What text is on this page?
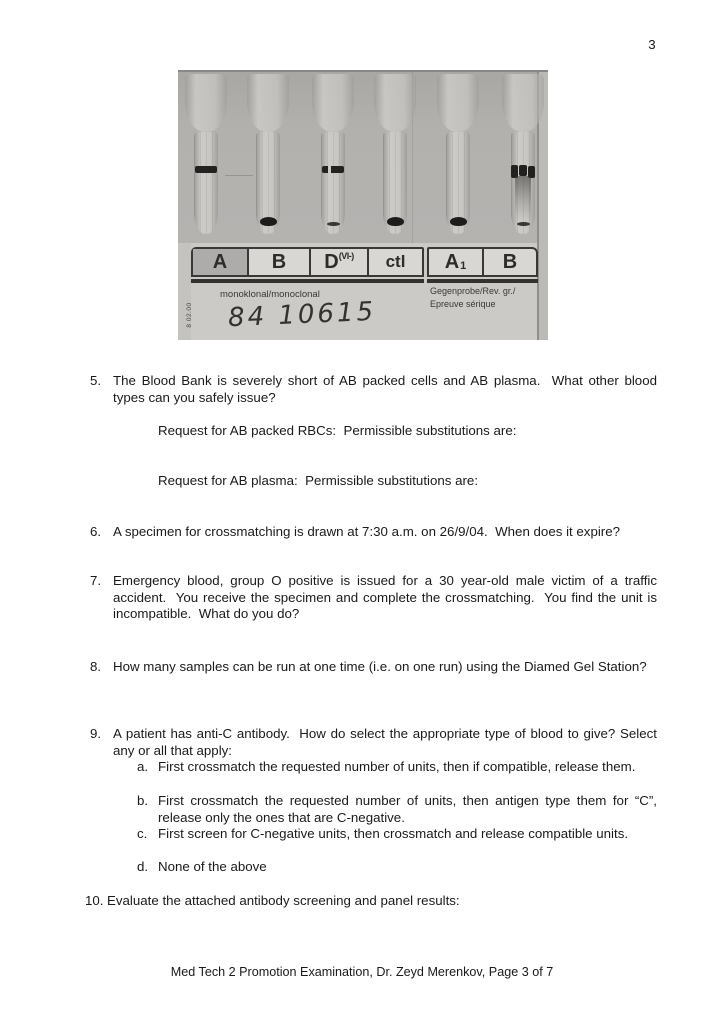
3
A B D (VI-) ctl A 1 B
monoklonal/monoclonal	Gegenprobe/Rev. gr./
Epreuve sérique
84 10615
8 02.00
5. The Blood Bank is severely short of AB packed cells and AB plasma.  What other blood types can you safely issue?
Request for AB packed RBCs:  Permissible substitutions are:
Request for AB plasma:  Permissible substitutions are:
6. A specimen for crossmatching is drawn at 7:30 a.m. on 26/9/04.  When does it expire?
7. Emergency blood, group O positive is issued for a 30 year-old male victim of a traffic accident.  You receive the specimen and complete the crossmatching.  You find the unit is incompatible.  What do you do?
8. How many samples can be run at one time (i.e. on one run) using the Diamed Gel Station?
9. A patient has anti-C antibody.  How do select the appropriate type of blood to give? Select any or all that apply:
a. First crossmatch the requested number of units, then if compatible, release them.
b. First crossmatch the requested number of units, then antigen type them for “C”, release only the ones that are C-negative.
c. First screen for C-negative units, then crossmatch and release compatible units.
d. None of the above
10. Evaluate the attached antibody screening and panel results:
Med Tech 2 Promotion Examination, Dr. Zeyd Merenkov, Page 3 of 7
